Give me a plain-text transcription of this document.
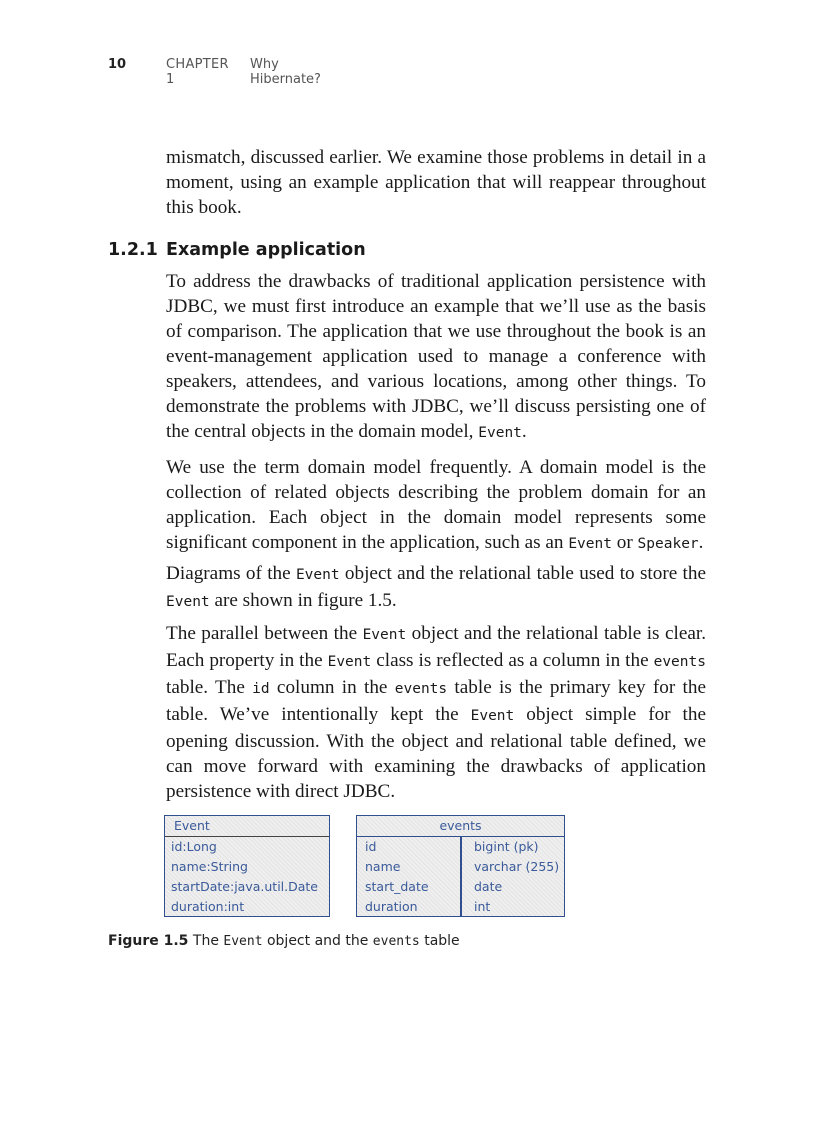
10	CHAPTER 1
Why Hibernate?

mismatch, discussed earlier. We examine those problems in detail in a moment, using an example application that will reappear throughout this book.

1.2.1 Example application

To address the drawbacks of traditional application persistence with JDBC, we must first introduce an example that we’ll use as the basis of comparison. The application that we use throughout the book is an event-management application used to manage a conference with speakers, attendees, and various locations, among other things. To demonstrate the problems with JDBC, we’ll discuss persisting one of the central objects in the domain model, Event.

We use the term domain model frequently. A domain model is the collection of related objects describing the problem domain for an application. Each object in the domain model represents some significant component in the application, such as an Event or Speaker.

Diagrams of the Event object and the relational table used to store the Event are shown in figure 1.5.

The parallel between the Event object and the relational table is clear. Each property in the Event class is reflected as a column in the events table. The id column in the events table is the primary key for the table. We’ve intentionally kept the Event object simple for the opening discussion. With the object and relational table defined, we can move forward with examining the drawbacks of application persistence with direct JDBC.

Event
id:Long
name:String
startDate:java.util.Date
duration:int
events
id	bigint (pk)
name	varchar (255)
start_date	date
duration	int
Figure 1.5 The Event object and the events table
